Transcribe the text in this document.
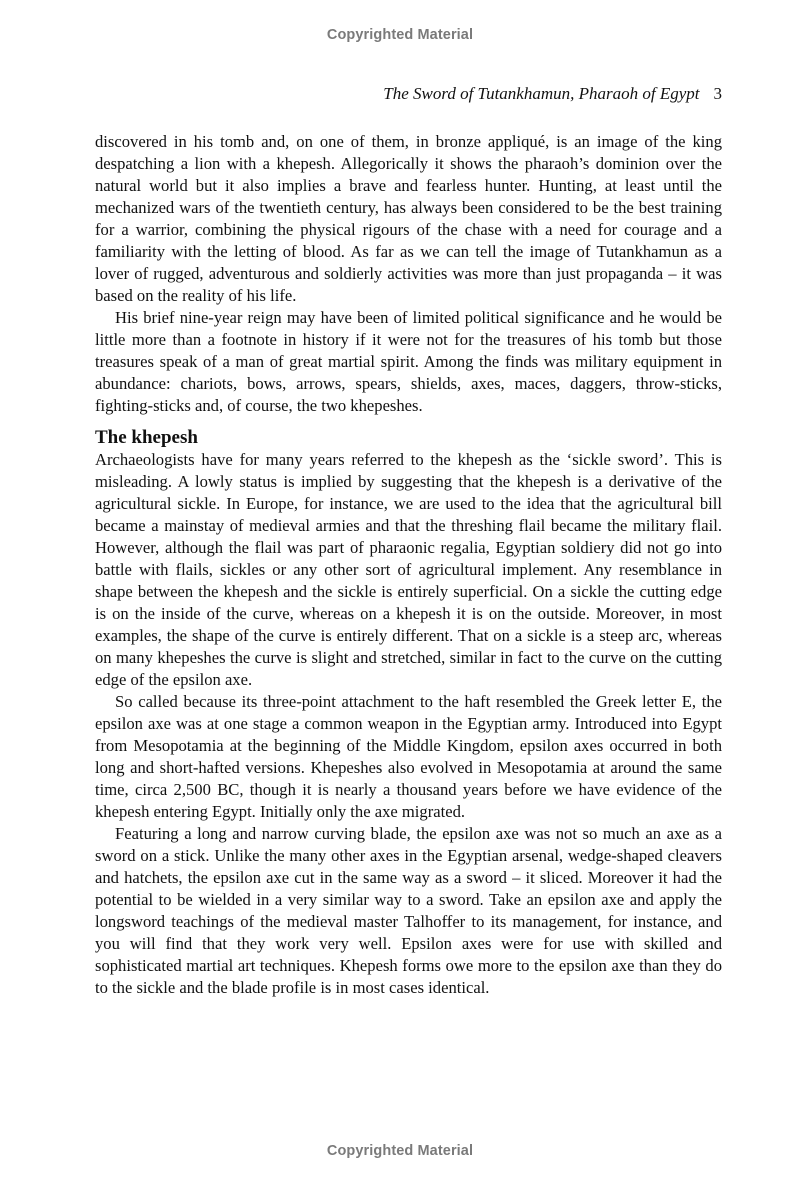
Copyrighted Material
The Sword of Tutankhamun, Pharaoh of Egypt 3

discovered in his tomb and, on one of them, in bronze appliqué, is an image of the king despatching a lion with a khepesh. Allegorically it shows the pharaoh’s dominion over the natural world but it also implies a brave and fearless hunter. Hunting, at least until the mechanized wars of the twentieth century, has always been considered to be the best training for a warrior, combining the physical rigours of the chase with a need for courage and a familiarity with the letting of blood. As far as we can tell the image of Tutankhamun as a lover of rugged, adventurous and soldierly activities was more than just propaganda – it was based on the reality of his life.

His brief nine-year reign may have been of limited political significance and he would be little more than a footnote in history if it were not for the treasures of his tomb but those treasures speak of a man of great martial spirit. Among the finds was military equipment in abundance: chariots, bows, arrows, spears, shields, axes, maces, daggers, throw-sticks, fighting-sticks and, of course, the two khepeshes.

The khepesh

Archaeologists have for many years referred to the khepesh as the ‘sickle sword’. This is misleading. A lowly status is implied by suggesting that the khepesh is a derivative of the agricultural sickle. In Europe, for instance, we are used to the idea that the agricultural bill became a mainstay of medieval armies and that the threshing flail became the military flail. However, although the flail was part of pharaonic regalia, Egyptian soldiery did not go into battle with flails, sickles or any other sort of agricultural implement. Any resemblance in shape between the khepesh and the sickle is entirely superficial. On a sickle the cutting edge is on the inside of the curve, whereas on a khepesh it is on the outside. Moreover, in most examples, the shape of the curve is entirely different. That on a sickle is a steep arc, whereas on many khepeshes the curve is slight and stretched, similar in fact to the curve on the cutting edge of the epsilon axe.

So called because its three-point attachment to the haft resembled the Greek letter E, the epsilon axe was at one stage a common weapon in the Egyptian army. Introduced into Egypt from Mesopotamia at the beginning of the Middle Kingdom, epsilon axes occurred in both long and short-hafted versions. Khepeshes also evolved in Mesopotamia at around the same time, circa 2,500 BC, though it is nearly a thousand years before we have evidence of the khepesh entering Egypt. Initially only the axe migrated.

Featuring a long and narrow curving blade, the epsilon axe was not so much an axe as a sword on a stick. Unlike the many other axes in the Egyptian arsenal, wedge-shaped cleavers and hatchets, the epsilon axe cut in the same way as a sword – it sliced. Moreover it had the potential to be wielded in a very similar way to a sword. Take an epsilon axe and apply the longsword teachings of the medieval master Talhoffer to its management, for instance, and you will find that they work very well. Epsilon axes were for use with skilled and sophisticated martial art techniques. Khepesh forms owe more to the epsilon axe than they do to the sickle and the blade profile is in most cases identical.

Copyrighted Material
